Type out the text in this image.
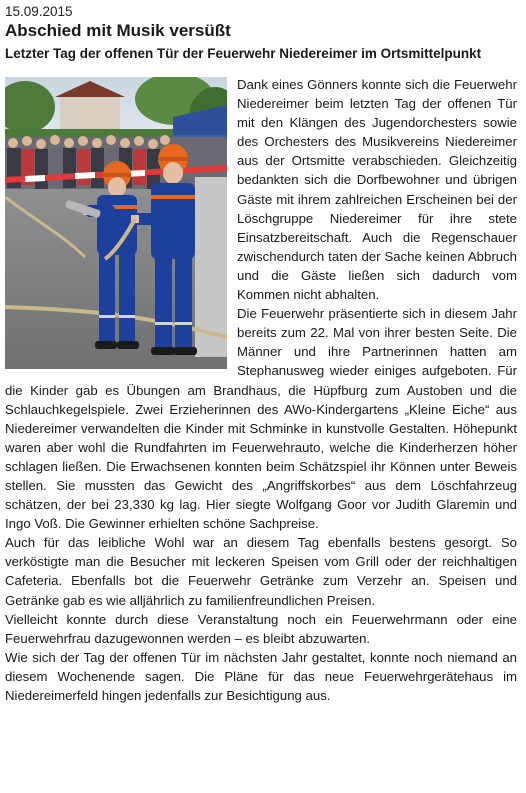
15.09.2015
Abschied mit Musik versüßt
Letzter Tag der offenen Tür der Feuerwehr Niedereimer im Ortsmittelpunkt

Dank eines Gönners konnte sich die Feuerwehr Niedereimer beim letzten Tag der offenen Tür mit den Klängen des Jugendorchesters sowie des Orchesters des Musikvereins Niedereimer aus der Ortsmitte verabschieden. Gleichzeitig bedankten sich die Dorfbewohner und übrigen Gäste mit ihrem zahlreichen Erscheinen bei der Löschgruppe Niedereimer für ihre stete Einsatzbereitschaft. Auch die Regenschauer zwischendurch taten der Sache keinen Abbruch und die Gäste ließen sich dadurch vom Kommen nicht abhalten.

Die Feuerwehr präsentierte sich in diesem Jahr bereits zum 22. Mal von ihrer besten Seite. Die Männer und ihre Partnerinnen hatten am Stephanusweg wieder einiges aufgeboten. Für die Kinder gab es Übungen am Brandhaus, die Hüpfburg zum Austoben und die Schlauchkegelspiele. Zwei Erzieherinnen des AWo-Kindergartens „Kleine Eiche“ aus Niedereimer verwandelten die Kinder mit Schminke in kunstvolle Gestalten. Höhepunkt waren aber wohl die Rundfahrten im Feuerwehrauto, welche die Kinderherzen höher schlagen ließen. Die Erwachsenen konnten beim Schätzspiel ihr Können unter Beweis stellen. Sie mussten das Gewicht des „Angriffskorbes“ aus dem Löschfahrzeug schätzen, der bei 23,330 kg lag. Hier siegte Wolfgang Goor vor Judith Glaremin und Ingo Voß. Die Gewinner erhielten schöne Sachpreise.

Auch für das leibliche Wohl war an diesem Tag ebenfalls bestens gesorgt. So verköstigte man die Besucher mit leckeren Speisen vom Grill oder der reichhaltigen Cafeteria. Ebenfalls bot die Feuerwehr Getränke zum Verzehr an. Speisen und Getränke gab es wie alljährlich zu familienfreundlichen Preisen.

Vielleicht konnte durch diese Veranstaltung noch ein Feuerwehrmann oder eine Feuerwehrfrau dazugewonnen werden – es bleibt abzuwarten.

Wie sich der Tag der offenen Tür im nächsten Jahr gestaltet, konnte noch niemand an diesem Wochenende sagen. Die Pläne für das neue Feuerwehrgerätehaus im Niedereimerfeld hingen jedenfalls zur Besichtigung aus.
